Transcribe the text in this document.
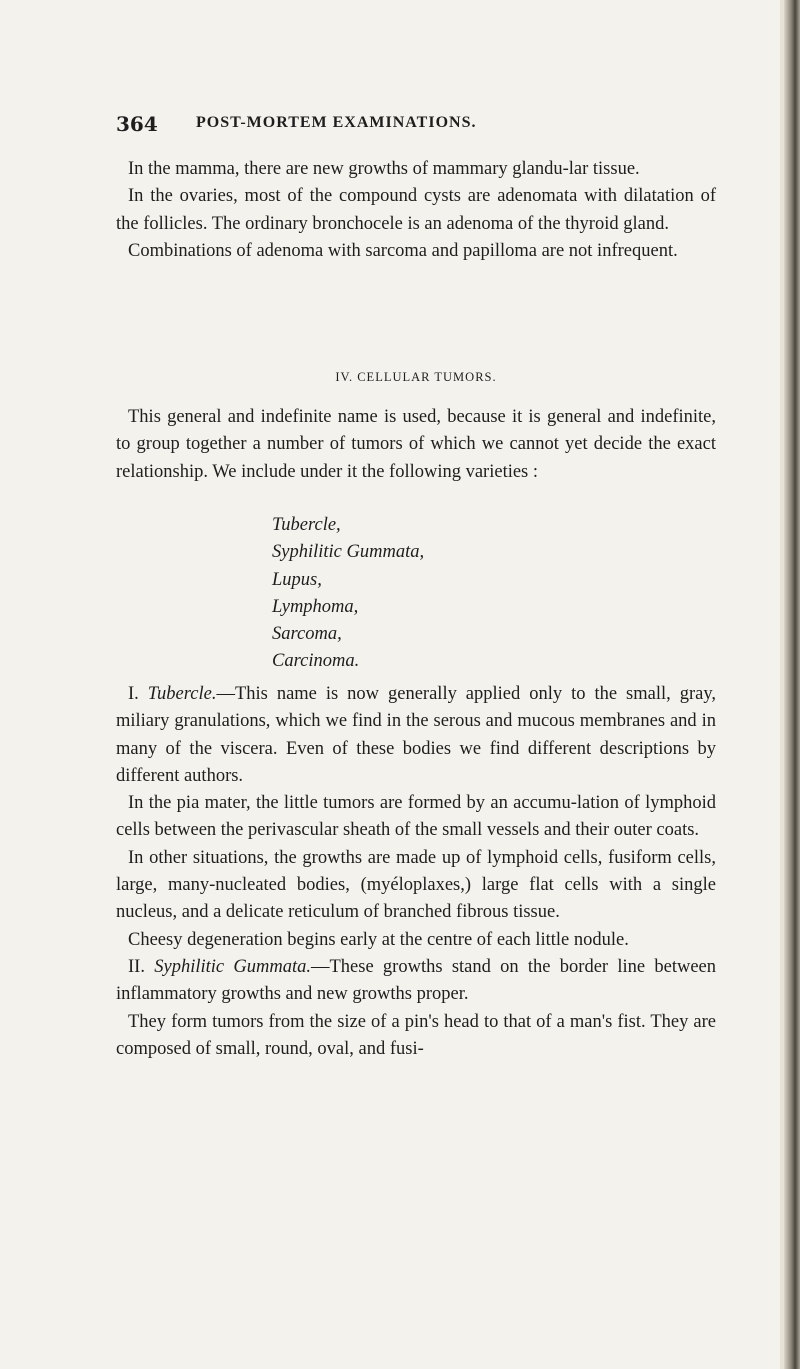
364 POST-MORTEM EXAMINATIONS.

In the mamma, there are new growths of mammary glandu-lar tissue.

In the ovaries, most of the compound cysts are adenomata with dilatation of the follicles. The ordinary bronchocele is an adenoma of the thyroid gland.

Combinations of adenoma with sarcoma and papilloma are not infrequent.

IV. CELLULAR TUMORS.

This general and indefinite name is used, because it is general and indefinite, to group together a number of tumors of which we cannot yet decide the exact relationship. We include under it the following varieties :

Tubercle,
Syphilitic Gummata,
Lupus,
Lymphoma,
Sarcoma,
Carcinoma.

I. Tubercle.—This name is now generally applied only to the small, gray, miliary granulations, which we find in the serous and mucous membranes and in many of the viscera. Even of these bodies we find different descriptions by different authors.

In the pia mater, the little tumors are formed by an accumu-lation of lymphoid cells between the perivascular sheath of the small vessels and their outer coats.

In other situations, the growths are made up of lymphoid cells, fusiform cells, large, many-nucleated bodies, (myéloplaxes,) large flat cells with a single nucleus, and a delicate reticulum of branched fibrous tissue.

Cheesy degeneration begins early at the centre of each little nodule.

II. Syphilitic Gummata.—These growths stand on the border line between inflammatory growths and new growths proper.

They form tumors from the size of a pin's head to that of a man's fist. They are composed of small, round, oval, and fusi-
